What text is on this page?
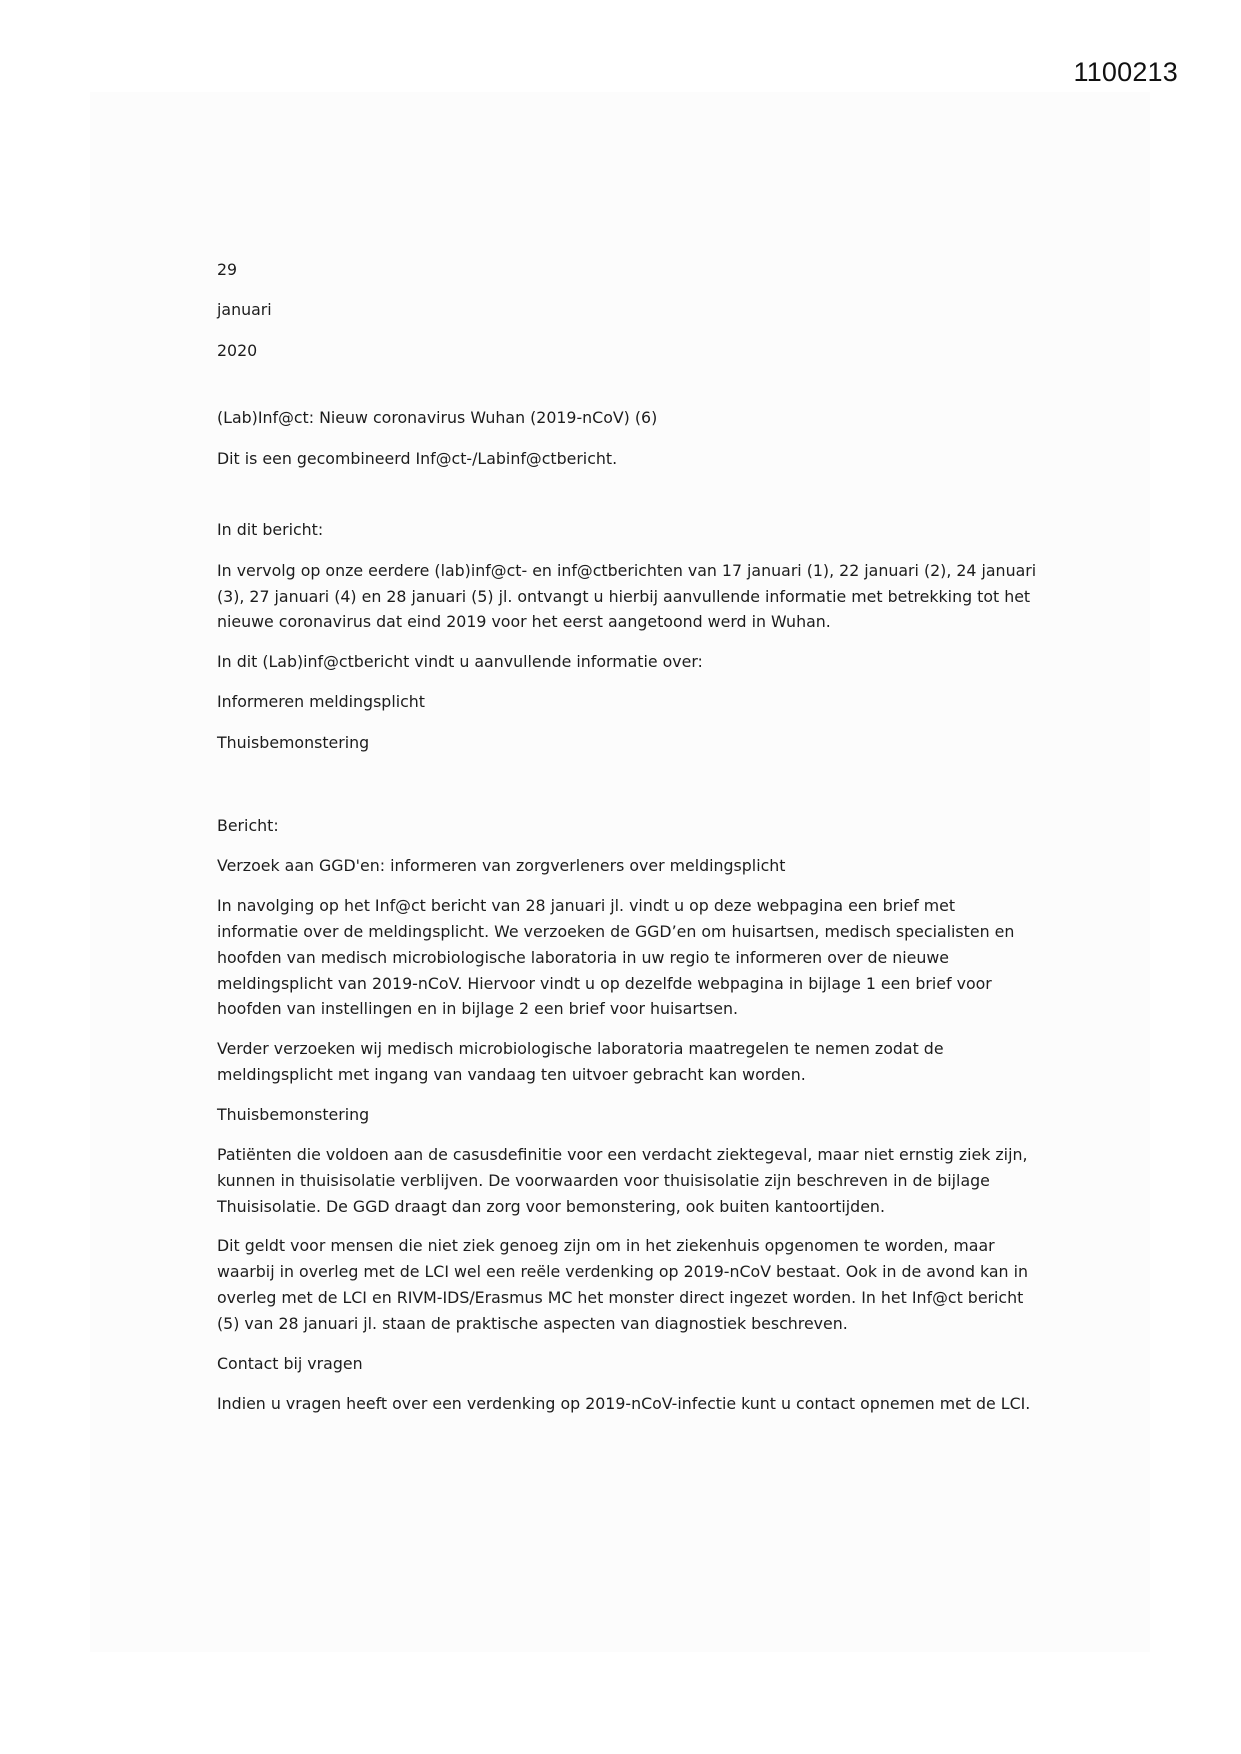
1100213

29

januari

2020

(Lab)Inf@ct: Nieuw coronavirus Wuhan (2019-nCoV) (6)

Dit is een gecombineerd Inf@ct-/Labinf@ctbericht.

In dit bericht:

In vervolg op onze eerdere (lab)inf@ct- en inf@ctberichten van 17 januari (1), 22 januari (2), 24 januari (3), 27 januari (4) en 28 januari (5) jl. ontvangt u hierbij aanvullende informatie met betrekking tot het nieuwe coronavirus dat eind 2019 voor het eerst aangetoond werd in Wuhan.

In dit (Lab)inf@ctbericht vindt u aanvullende informatie over:

Informeren meldingsplicht

Thuisbemonstering

Bericht:

Verzoek aan GGD'en: informeren van zorgverleners over meldingsplicht

In navolging op het Inf@ct bericht van 28 januari jl. vindt u op deze webpagina een brief met informatie over de meldingsplicht. We verzoeken de GGD’en om huisartsen, medisch specialisten en hoofden van medisch microbiologische laboratoria in uw regio te informeren over de nieuwe meldingsplicht van 2019-nCoV. Hiervoor vindt u op dezelfde webpagina in bijlage 1 een brief voor hoofden van instellingen en in bijlage 2 een brief voor huisartsen.

Verder verzoeken wij medisch microbiologische laboratoria maatregelen te nemen zodat de meldingsplicht met ingang van vandaag ten uitvoer gebracht kan worden.

Thuisbemonstering

Patiënten die voldoen aan de casusdefinitie voor een verdacht ziektegeval, maar niet ernstig ziek zijn, kunnen in thuisisolatie verblijven. De voorwaarden voor thuisisolatie zijn beschreven in de bijlage Thuisisolatie. De GGD draagt dan zorg voor bemonstering, ook buiten kantoortijden.

Dit geldt voor mensen die niet ziek genoeg zijn om in het ziekenhuis opgenomen te worden, maar waarbij in overleg met de LCI wel een reële verdenking op 2019-nCoV bestaat. Ook in de avond kan in overleg met de LCI en RIVM-IDS/Erasmus MC het monster direct ingezet worden. In het Inf@ct bericht (5) van 28 januari jl. staan de praktische aspecten van diagnostiek beschreven.

Contact bij vragen

Indien u vragen heeft over een verdenking op 2019-nCoV-infectie kunt u contact opnemen met de LCI.
